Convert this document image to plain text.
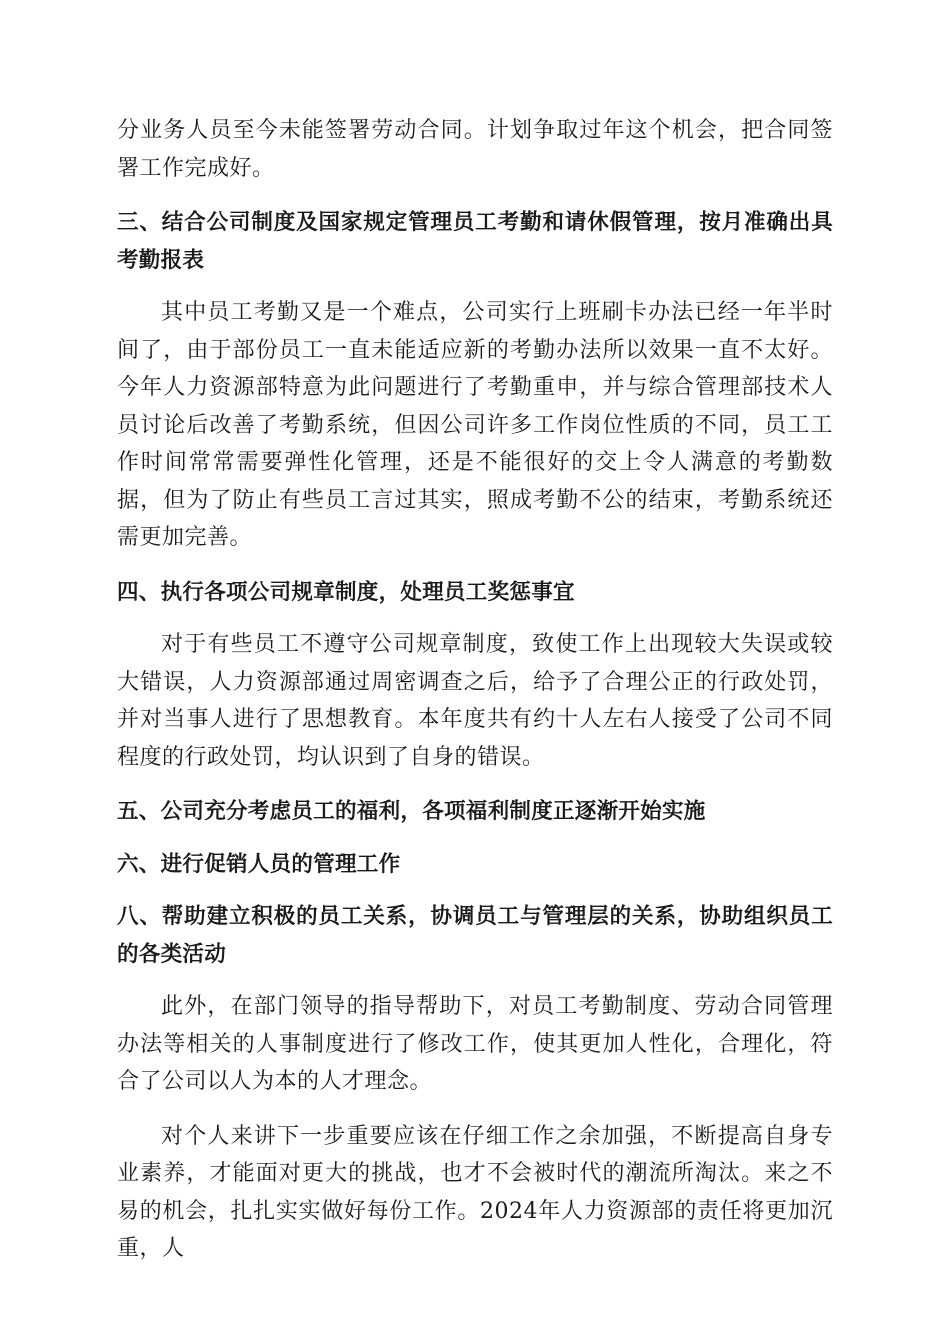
分业务人员至今未能签署劳动合同。计划争取过年这个机会，把合同签署工作完成好。

三、结合公司制度及国家规定管理员工考勤和请休假管理，按月准确出具考勤报表

其中员工考勤又是一个难点，公司实行上班刷卡办法已经一年半时间了，由于部份员工一直未能适应新的考勤办法所以效果一直不太好。今年人力资源部特意为此问题进行了考勤重申，并与综合管理部技术人员讨论后改善了考勤系统，但因公司许多工作岗位性质的不同，员工工作时间常常需要弹性化管理，还是不能很好的交上令人满意的考勤数据，但为了防止有些员工言过其实，照成考勤不公的结束，考勤系统还需更加完善。

四、执行各项公司规章制度，处理员工奖惩事宜

对于有些员工不遵守公司规章制度，致使工作上出现较大失误或较大错误，人力资源部通过周密调查之后，给予了合理公正的行政处罚，并对当事人进行了思想教育。本年度共有约十人左右人接受了公司不同程度的行政处罚，均认识到了自身的错误。

五、公司充分考虑员工的福利，各项福利制度正逐渐开始实施

六、进行促销人员的管理工作

八、帮助建立积极的员工关系，协调员工与管理层的关系，协助组织员工的各类活动

此外，在部门领导的指导帮助下，对员工考勤制度、劳动合同管理办法等相关的人事制度进行了修改工作，使其更加人性化，合理化，符合了公司以人为本的人才理念。

对个人来讲下一步重要应该在仔细工作之余加强，不断提高自身专业素养，才能面对更大的挑战，也才不会被时代的潮流所淘汰。来之不易的机会，扎扎实实做好每份工作。2024年人力资源部的责任将更加沉重，人
